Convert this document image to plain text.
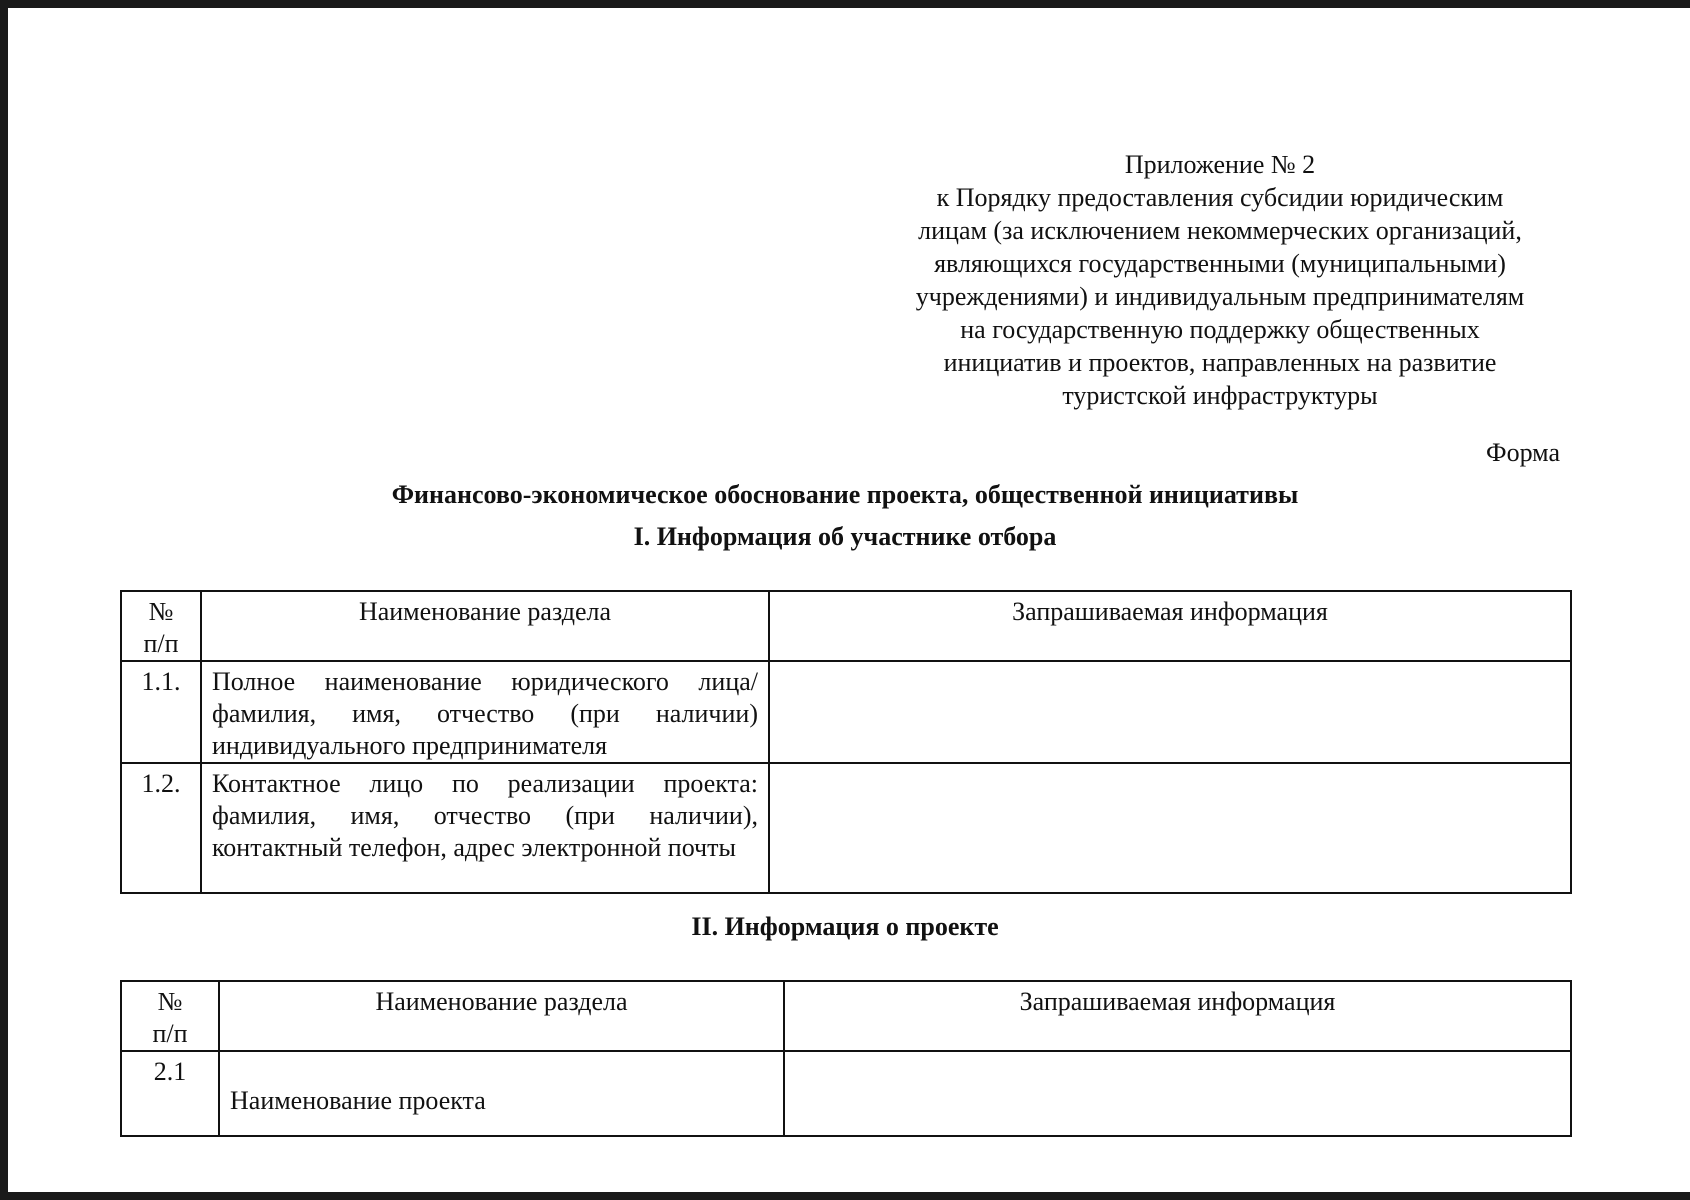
Приложение № 2
к Порядку предоставления субсидии юридическим
лицам (за исключением некоммерческих организаций,
являющихся государственными (муниципальными)
учреждениями) и индивидуальным предпринимателям
на государственную поддержку общественных
инициатив и проектов, направленных на развитие
туристской инфраструктуры
Форма
Финансово-экономическое обоснование проекта, общественной инициативы
I. Информация об участнике отбора
№
п/п	Наименование раздела	Запрашиваемая информация
1.1.	Полное наименование юридического лица/фамилия, имя, отчество (при наличии) индивидуального предпринимателя	
1.2.	Контактное лицо по реализации проекта: фамилия, имя, отчество (при наличии), контактный телефон, адрес электронной почты	
II. Информация о проекте
№
п/п	Наименование раздела	Запрашиваемая информация
2.1	Наименование проекта	
